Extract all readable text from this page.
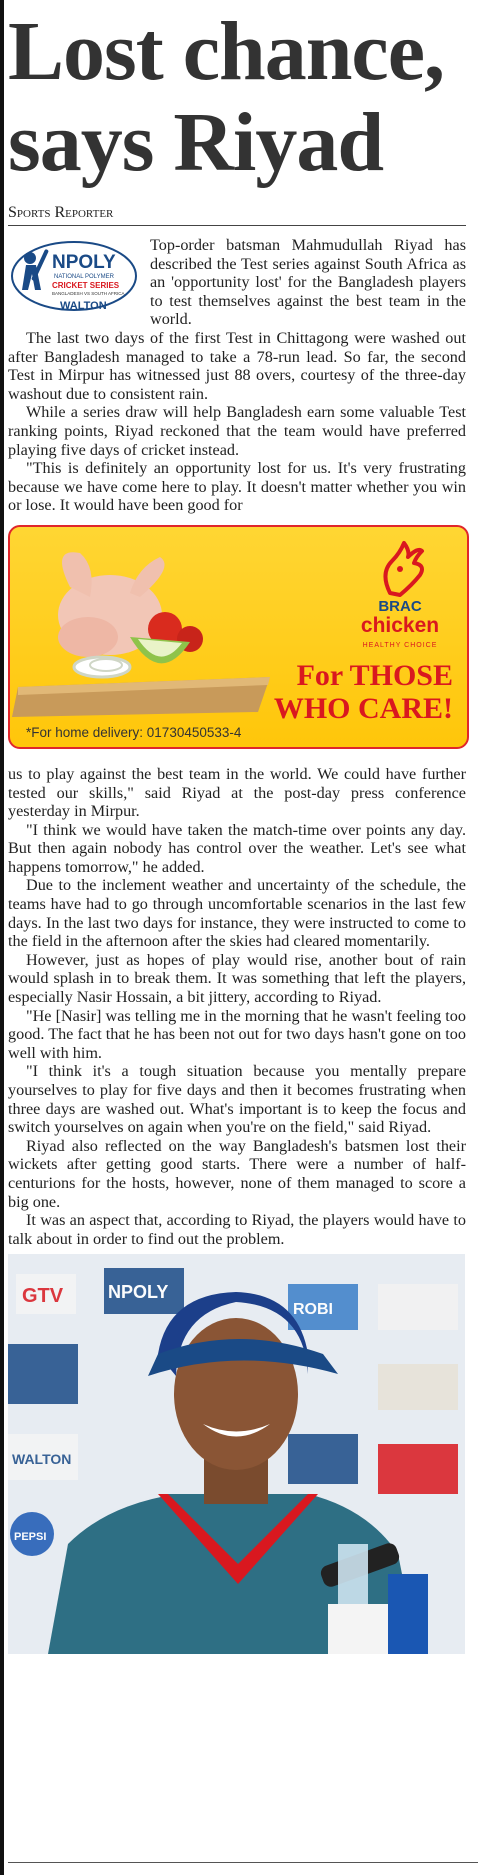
Lost chance, says Riyad
Sports Reporter
NPOLY
NATIONAL POLYMER
CRICKET SERIES
BANGLADESH VS SOUTH AFRICA
WALTON

Top-order batsman Mahmudullah Riyad has described the Test series against South Africa as an 'opportunity lost' for the Bangladesh players to test themselves against the best team in the world.

The last two days of the first Test in Chittagong were washed out after Bangladesh managed to take a 78-run lead. So far, the second Test in Mirpur has witnessed just 88 overs, courtesy of the three-day washout due to consistent rain.

While a series draw will help Bangladesh earn some valuable Test ranking points, Riyad reckoned that the team would have preferred playing five days of cricket instead.

"This is definitely an opportunity lost for us. It's very frustrating because we have come here to play. It doesn't matter whether you win or lose. It would have been good for

BRAC
chicken
HEALTHY CHOICE
For THOSE
WHO CARE!
*For home delivery: 01730450533-4

us to play against the best team in the world. We could have further tested our skills," said Riyad at the post-day press conference yesterday in Mirpur.

"I think we would have taken the match-time over points any day. But then again nobody has control over the weather. Let's see what happens tomorrow," he added.

Due to the inclement weather and uncertainty of the schedule, the teams have had to go through uncomfortable scenarios in the last few days. In the last two days for instance, they were instructed to come to the field in the afternoon after the skies had cleared momentarily.

However, just as hopes of play would rise, another bout of rain would splash in to break them. It was something that left the players, especially Nasir Hossain, a bit jittery, according to Riyad.

"He [Nasir] was telling me in the morning that he wasn't feeling too good. The fact that he has been not out for two days hasn't gone on too well with him.

"I think it's a tough situation because you mentally prepare yourselves to play for five days and then it becomes frustrating when three days are washed out. What's important is to keep the focus and switch yourselves on again when you're on the field," said Riyad.

Riyad also reflected on the way Bangladesh's batsmen lost their wickets after getting good starts. There were a number of half-centurions for the hosts, however, none of them managed to score a big one.

It was an aspect that, according to Riyad, the players would have to talk about in order to find out the problem.

GTV NPOLY
ROBI
WALTON
PEPSI
